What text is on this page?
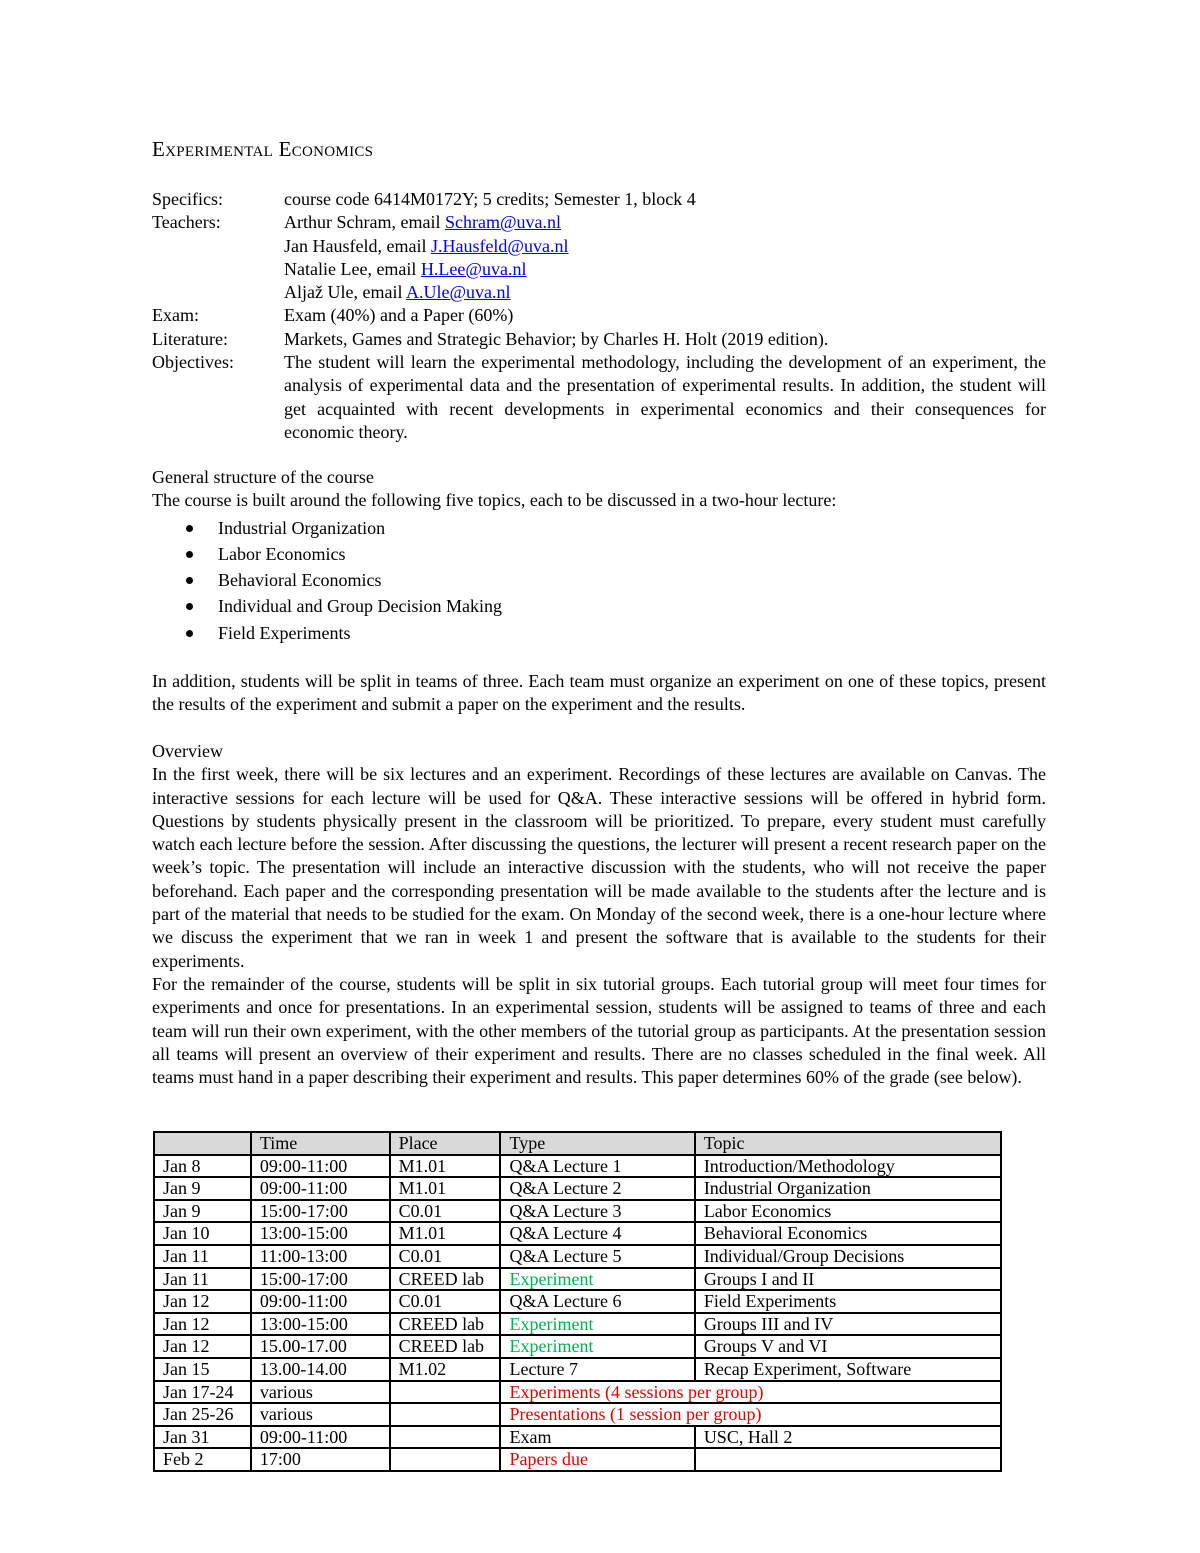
Experimental Economics
Specifics:	course code 6414M0172Y; 5 credits; Semester 1, block 4
Teachers:	Arthur Schram, email Schram@uva.nl
Jan Hausfeld, email J.Hausfeld@uva.nl
Natalie Lee, email H.Lee@uva.nl
Aljaž Ule, email A.Ule@uva.nl
Exam:	Exam (40%) and a Paper (60%)
Literature:	Markets, Games and Strategic Behavior; by Charles H. Holt (2019 edition).
Objectives:	The student will learn the experimental methodology, including the development of an experiment, the analysis of experimental data and the presentation of experimental results. In addition, the student will get acquainted with recent developments in experimental economics and their consequences for economic theory.
General structure of the course
The course is built around the following five topics, each to be discussed in a two-hour lecture:
Industrial Organization
Labor Economics
Behavioral Economics
Individual and Group Decision Making
Field Experiments
In addition, students will be split in teams of three. Each team must organize an experiment on one of these topics, present the results of the experiment and submit a paper on the experiment and the results.
Overview
In the first week, there will be six lectures and an experiment. Recordings of these lectures are available on Canvas. The interactive sessions for each lecture will be used for Q&A. These interactive sessions will be offered in hybrid form. Questions by students physically present in the classroom will be prioritized. To prepare, every student must carefully watch each lecture before the session. After discussing the questions, the lecturer will present a recent research paper on the week’s topic. The presentation will include an interactive discussion with the students, who will not receive the paper beforehand. Each paper and the corresponding presentation will be made available to the students after the lecture and is part of the material that needs to be studied for the exam. On Monday of the second week, there is a one-hour lecture where we discuss the experiment that we ran in week 1 and present the software that is available to the students for their experiments.
For the remainder of the course, students will be split in six tutorial groups. Each tutorial group will meet four times for experiments and once for presentations. In an experimental session, students will be assigned to teams of three and each team will run their own experiment, with the other members of the tutorial group as participants. At the presentation session all teams will present an overview of their experiment and results. There are no classes scheduled in the final week. All teams must hand in a paper describing their experiment and results. This paper determines 60% of the grade (see below).
	Time	Place	Type	Topic
Jan 8	09:00-11:00	M1.01	Q&A Lecture 1	Introduction/Methodology
Jan 9	09:00-11:00	M1.01	Q&A Lecture 2	Industrial Organization
Jan 9	15:00-17:00	C0.01	Q&A Lecture 3	Labor Economics
Jan 10	13:00-15:00	M1.01	Q&A Lecture 4	Behavioral Economics
Jan 11	11:00-13:00	C0.01	Q&A Lecture 5	Individual/Group Decisions
Jan 11	15:00-17:00	CREED lab	Experiment	Groups I and II
Jan 12	09:00-11:00	C0.01	Q&A Lecture 6	Field Experiments
Jan 12	13:00-15:00	CREED lab	Experiment	Groups III and IV
Jan 12	15.00-17.00	CREED lab	Experiment	Groups V and VI
Jan 15	13.00-14.00	M1.02	Lecture 7	Recap Experiment, Software
Jan 17-24	various		Experiments (4 sessions per group)	
Jan 25-26	various		Presentations (1 session per group)	
Jan 31	09:00-11:00		Exam	USC, Hall 2
Feb 2	17:00		Papers due	
